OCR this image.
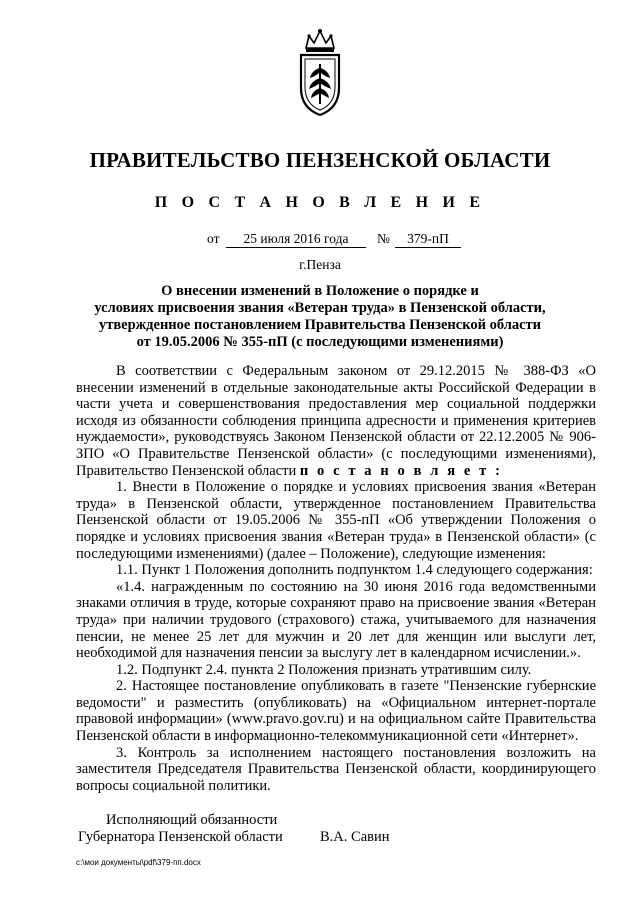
ПРАВИТЕЛЬСТВО ПЕНЗЕНСКОЙ ОБЛАСТИ
П О С Т А Н О В Л Е Н И Е
от	25 июля 2016 года	№	379-пП
г.Пенза
О внесении изменений в Положение о порядке и
условиях присвоения звания «Ветеран труда» в Пензенской области,
утвержденное постановлением Правительства Пензенской области
от 19.05.2006 № 355-пП (с последующими изменениями)

В соответствии с Федеральным законом от 29.12.2015 № 388-ФЗ «О внесении изменений в отдельные законодательные акты Российской Федерации в части учета и совершенствования предоставления мер социальной поддержки исходя из обязанности соблюдения принципа адресности и применения критериев нуждаемости», руководствуясь Законом Пензенской области от 22.12.2005 № 906-ЗПО «О Правительстве Пензенской области» (с последующими изменениями), Правительство Пензенской области п о с т а н о в л я е т :

1. Внести в Положение о порядке и условиях присвоения звания «Ветеран труда» в Пензенской области, утвержденное постановлением Правительства Пензенской области от 19.05.2006 № 355-пП «Об утверждении Положения о порядке и условиях присвоения звания «Ветеран труда» в Пензенской области» (с последующими изменениями) (далее – Положение), следующие изменения:

1.1. Пункт 1 Положения дополнить подпунктом 1.4 следующего содержания:

«1.4. награжденным по состоянию на 30 июня 2016 года ведомственными знаками отличия в труде, которые сохраняют право на присвоение звания «Ветеран труда» при наличии трудового (страхового) стажа, учитываемого для назначения пенсии, не менее 25 лет для мужчин и 20 лет для женщин или выслуги лет, необходимой для назначения пенсии за выслугу лет в календарном исчислении.».

1.2. Подпункт 2.4. пункта 2 Положения признать утратившим силу.

2. Настоящее постановление опубликовать в газете "Пензенские губернские ведомости" и разместить (опубликовать) на «Официальном интернет-портале правовой информации» (www.pravo.gov.ru) и на официальном сайте Правительства Пензенской области в информационно-телекоммуникационной сети «Интернет».

3. Контроль за исполнением настоящего постановления возложить на заместителя Председателя Правительства Пензенской области, координирующего вопросы социальной политики.

Исполняющий обязанности
Губернатора Пензенской области	В.А. Савин
c:\мои документы\pdf\379-пп.docx
